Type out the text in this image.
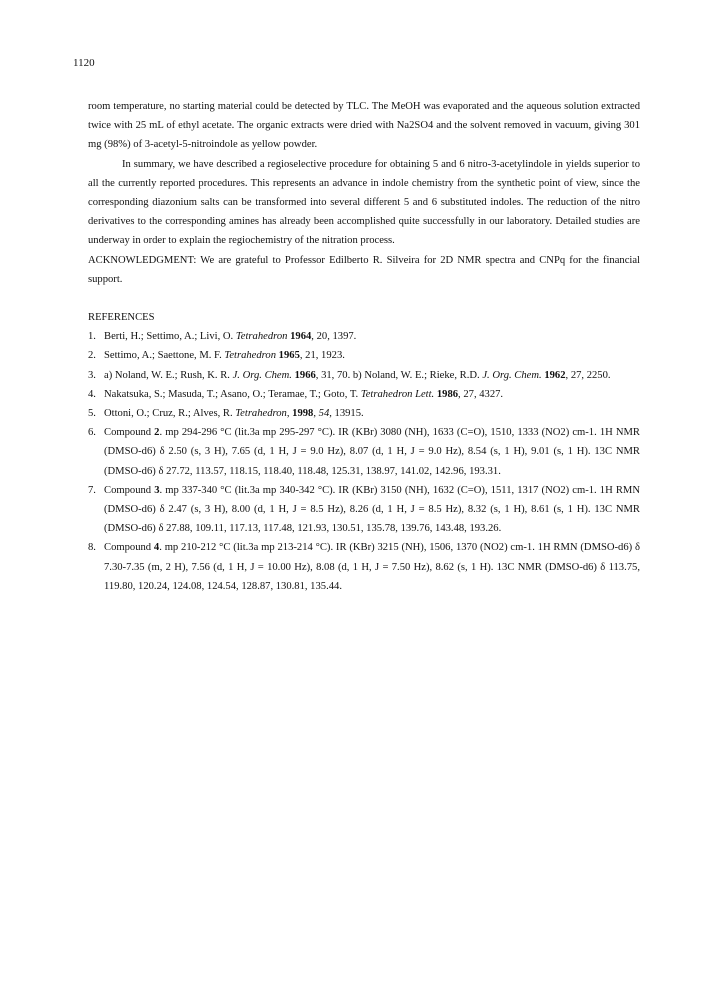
1120

room temperature, no starting material could be detected by TLC. The MeOH was evaporated and the aqueous solution extracted twice with 25 mL of ethyl acetate. The organic extracts were dried with Na2SO4 and the solvent removed in vacuum, giving 301 mg (98%) of 3-acetyl-5-nitroindole as yellow powder.

In summary, we have described a regioselective procedure for obtaining 5 and 6 nitro-3-acetylindole in yields superior to all the currently reported procedures. This represents an advance in indole chemistry from the synthetic point of view, since the corresponding diazonium salts can be transformed into several different 5 and 6 substituted indoles. The reduction of the nitro derivatives to the corresponding amines has already been accomplished quite successfully in our laboratory. Detailed studies are underway in order to explain the regiochemistry of the nitration process.

ACKNOWLEDGMENT: We are grateful to Professor Edilberto R. Silveira for 2D NMR spectra and CNPq for the financial support.

REFERENCES

1. Berti, H.; Settimo, A.; Livi, O. Tetrahedron 1964, 20, 1397.
2. Settimo, A.; Saettone, M. F. Tetrahedron 1965, 21, 1923.
3. a) Noland, W. E.; Rush, K. R. J. Org. Chem. 1966, 31, 70. b) Noland, W. E.; Rieke, R.D. J. Org. Chem. 1962, 27, 2250.
4. Nakatsuka, S.; Masuda, T.; Asano, O.; Teramae, T.; Goto, T. Tetrahedron Lett. 1986, 27, 4327.
5. Ottoni, O.; Cruz, R.; Alves, R. Tetrahedron, 1998, 54, 13915.
6. Compound 2. mp 294-296 °C (lit.3a mp 295-297 °C). IR (KBr) 3080 (NH), 1633 (C=O), 1510, 1333 (NO2) cm-1. 1H NMR (DMSO-d6) δ 2.50 (s, 3 H), 7.65 (d, 1 H, J = 9.0 Hz), 8.07 (d, 1 H, J = 9.0 Hz), 8.54 (s, 1 H), 9.01 (s, 1 H). 13C NMR (DMSO-d6) δ 27.72, 113.57, 118.15, 118.40, 118.48, 125.31, 138.97, 141.02, 142.96, 193.31.
7. Compound 3. mp 337-340 °C (lit.3a mp 340-342 °C). IR (KBr) 3150 (NH), 1632 (C=O), 1511, 1317 (NO2) cm-1. 1H RMN (DMSO-d6) δ 2.47 (s, 3 H), 8.00 (d, 1 H, J = 8.5 Hz), 8.26 (d, 1 H, J = 8.5 Hz), 8.32 (s, 1 H), 8.61 (s, 1 H). 13C NMR (DMSO-d6) δ 27.88, 109.11, 117.13, 117.48, 121.93, 130.51, 135.78, 139.76, 143.48, 193.26.
8. Compound 4. mp 210-212 °C (lit.3a mp 213-214 °C). IR (KBr) 3215 (NH), 1506, 1370 (NO2) cm-1. 1H RMN (DMSO-d6) δ 7.30-7.35 (m, 2 H), 7.56 (d, 1 H, J = 10.00 Hz), 8.08 (d, 1 H, J = 7.50 Hz), 8.62 (s, 1 H). 13C NMR (DMSO-d6) δ 113.75, 119.80, 120.24, 124.08, 124.54, 128.87, 130.81, 135.44.
